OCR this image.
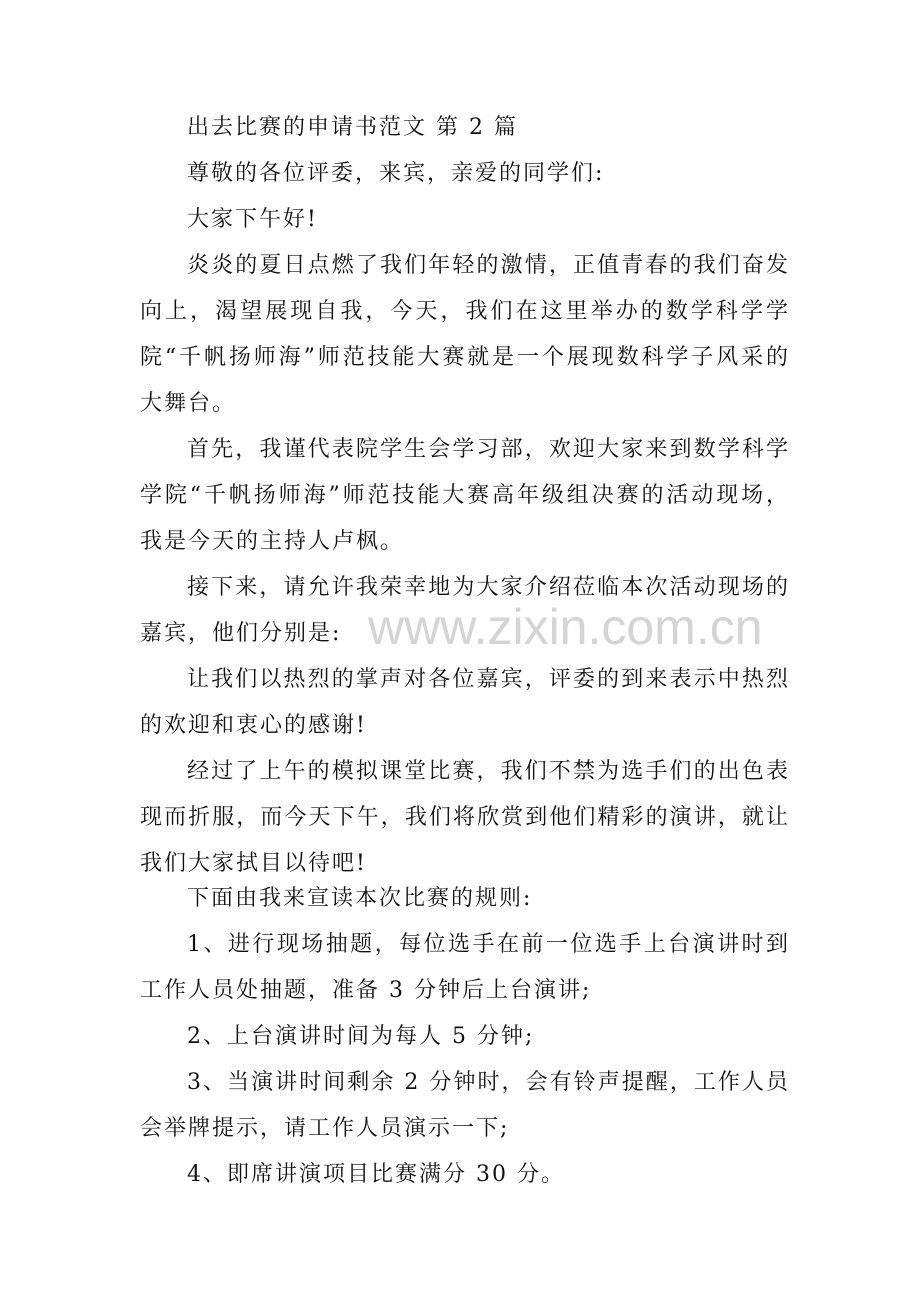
www.zixin.com.cn

出去比赛的申请书范文 第 2 篇

尊敬的各位评委，来宾，亲爱的同学们:

大家下午好!

炎炎的夏日点燃了我们年轻的激情，正值青春的我们奋发向上，渴望展现自我，今天，我们在这里举办的数学科学学院“千帆扬师海”师范技能大赛就是一个展现数科学子风采的大舞台。

首先，我谨代表院学生会学习部，欢迎大家来到数学科学学院“千帆扬师海”师范技能大赛高年级组决赛的活动现场，我是今天的主持人卢枫。

接下来，请允许我荣幸地为大家介绍莅临本次活动现场的嘉宾，他们分别是:

让我们以热烈的掌声对各位嘉宾，评委的到来表示中热烈的欢迎和衷心的感谢!

经过了上午的模拟课堂比赛，我们不禁为选手们的出色表现而折服，而今天下午，我们将欣赏到他们精彩的演讲，就让我们大家拭目以待吧!

下面由我来宣读本次比赛的规则:

1、进行现场抽题，每位选手在前一位选手上台演讲时到工作人员处抽题，准备 3 分钟后上台演讲;

2、上台演讲时间为每人 5 分钟;

3、当演讲时间剩余 2 分钟时，会有铃声提醒，工作人员会举牌提示，请工作人员演示一下;

4、即席讲演项目比赛满分 30 分。
